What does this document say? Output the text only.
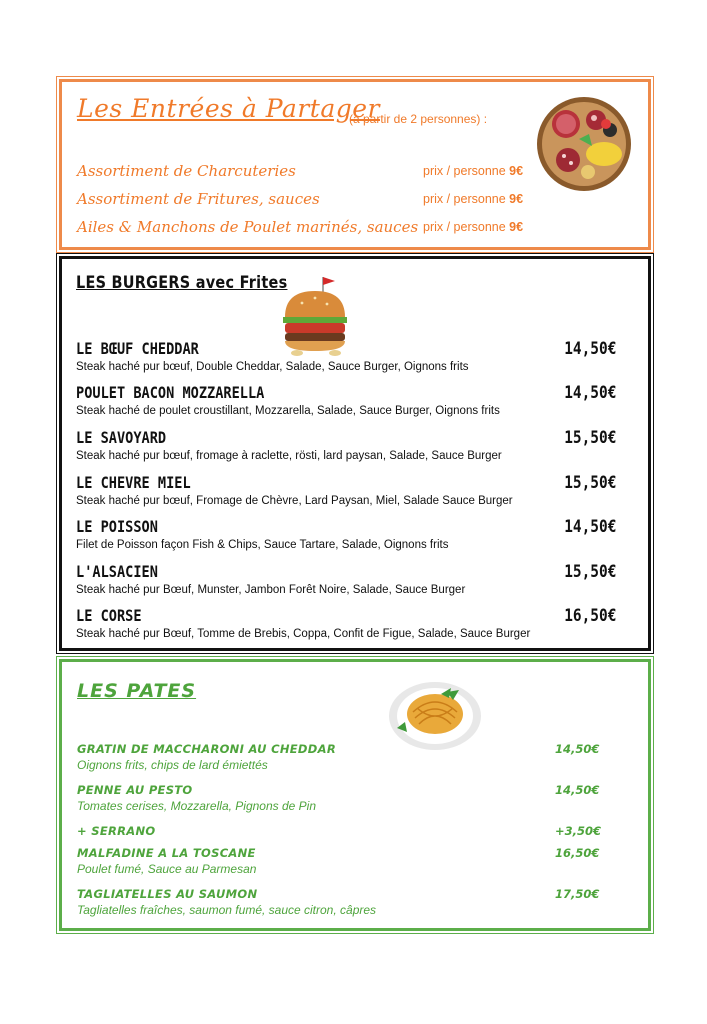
Les Entrées à Partager
(à partir de 2 personnes) :
Assortiment de Charcuteries	prix / personne 9€
Assortiment de Fritures, sauces	prix / personne 9€
Ailes & Manchons de Poulet marinés, sauces prix / personne 9€
LES BURGERS avec Frites
LE BŒUF CHEDDAR	14,50€
Steak haché pur bœuf, Double Cheddar, Salade, Sauce Burger, Oignons frits
POULET BACON MOZZARELLA	14,50€
Steak haché de poulet croustillant, Mozzarella, Salade, Sauce Burger, Oignons frits
LE SAVOYARD	15,50€
Steak haché pur bœuf, fromage à raclette, rösti, lard paysan, Salade, Sauce Burger
LE CHEVRE MIEL	15,50€
Steak haché pur bœuf, Fromage de Chèvre, Lard Paysan, Miel, Salade Sauce Burger
LE POISSON	14,50€
Filet de Poisson façon Fish & Chips, Sauce Tartare, Salade, Oignons frits
L'ALSACIEN	15,50€
Steak haché pur Bœuf, Munster, Jambon Forêt Noire, Salade, Sauce Burger
LE CORSE	16,50€
Steak haché pur Bœuf, Tomme de Brebis, Coppa, Confit de Figue, Salade, Sauce Burger
LES PATES
GRATIN DE MACCHARONI AU CHEDDAR	14,50€
Oignons frits, chips de lard émiettés
PENNE AU PESTO	14,50€
Tomates cerises, Mozzarella, Pignons de Pin
+ SERRANO	+3,50€
MALFADINE A LA TOSCANE	16,50€
Poulet fumé, Sauce au Parmesan
TAGLIATELLES AU SAUMON	17,50€
Tagliatelles fraîches, saumon fumé, sauce citron, câpres
